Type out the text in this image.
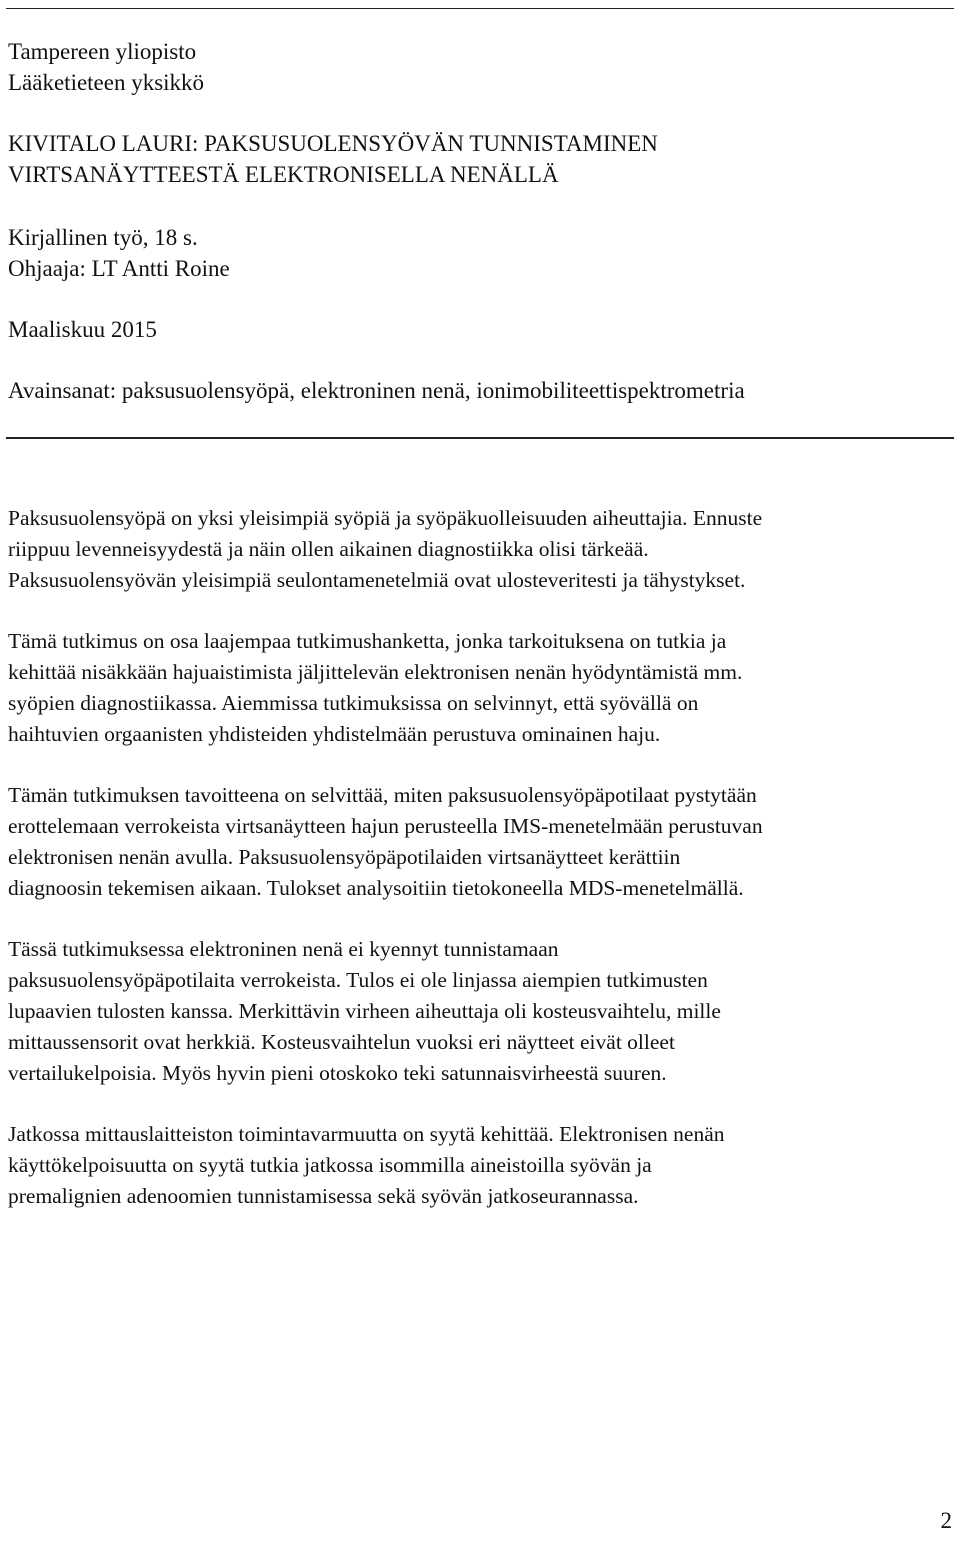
Tampereen yliopisto

Lääketieteen yksikkö

KIVITALO LAURI: PAKSUSUOLENSYÖVÄN TUNNISTAMINEN
VIRTSANÄYTTEESTÄ ELEKTRONISELLA NENÄLLÄ

Kirjallinen työ, 18 s.

Ohjaaja: LT Antti Roine

Maaliskuu 2015

Avainsanat: paksusuolensyöpä, elektroninen nenä, ionimobiliteettispektrometria

Paksusuolensyöpä on yksi yleisimpiä syöpiä ja syöpäkuolleisuuden aiheuttajia. Ennuste
riippuu levenneisyydestä ja näin ollen aikainen diagnostiikka olisi tärkeää.
Paksusuolensyövän yleisimpiä seulontamenetelmiä ovat ulosteveritesti ja tähystykset.
Tämä tutkimus on osa laajempaa tutkimushanketta, jonka tarkoituksena on tutkia ja
kehittää nisäkkään hajuaistimista jäljittelevän elektronisen nenän hyödyntämistä mm.
syöpien diagnostiikassa. Aiemmissa tutkimuksissa on selvinnyt, että syövällä on
haihtuvien orgaanisten yhdisteiden yhdistelmään perustuva ominainen haju.
Tämän tutkimuksen tavoitteena on selvittää, miten paksusuolensyöpäpotilaat pystytään
erottelemaan verrokeista virtsanäytteen hajun perusteella IMS-menetelmään perustuvan
elektronisen nenän avulla. Paksusuolensyöpäpotilaiden virtsanäytteet kerättiin
diagnoosin tekemisen aikaan. Tulokset analysoitiin tietokoneella MDS-menetelmällä.
Tässä tutkimuksessa elektroninen nenä ei kyennyt tunnistamaan
paksusuolensyöpäpotilaita verrokeista. Tulos ei ole linjassa aiempien tutkimusten
lupaavien tulosten kanssa. Merkittävin virheen aiheuttaja oli kosteusvaihtelu, mille
mittaussensorit ovat herkkiä. Kosteusvaihtelun vuoksi eri näytteet eivät olleet
vertailukelpoisia. Myös hyvin pieni otoskoko teki satunnaisvirheestä suuren.
Jatkossa mittauslaitteiston toimintavarmuutta on syytä kehittää. Elektronisen nenän
käyttökelpoisuutta on syytä tutkia jatkossa isommilla aineistoilla syövän ja
premalignien adenoomien tunnistamisessa sekä syövän jatkoseurannassa.
2
